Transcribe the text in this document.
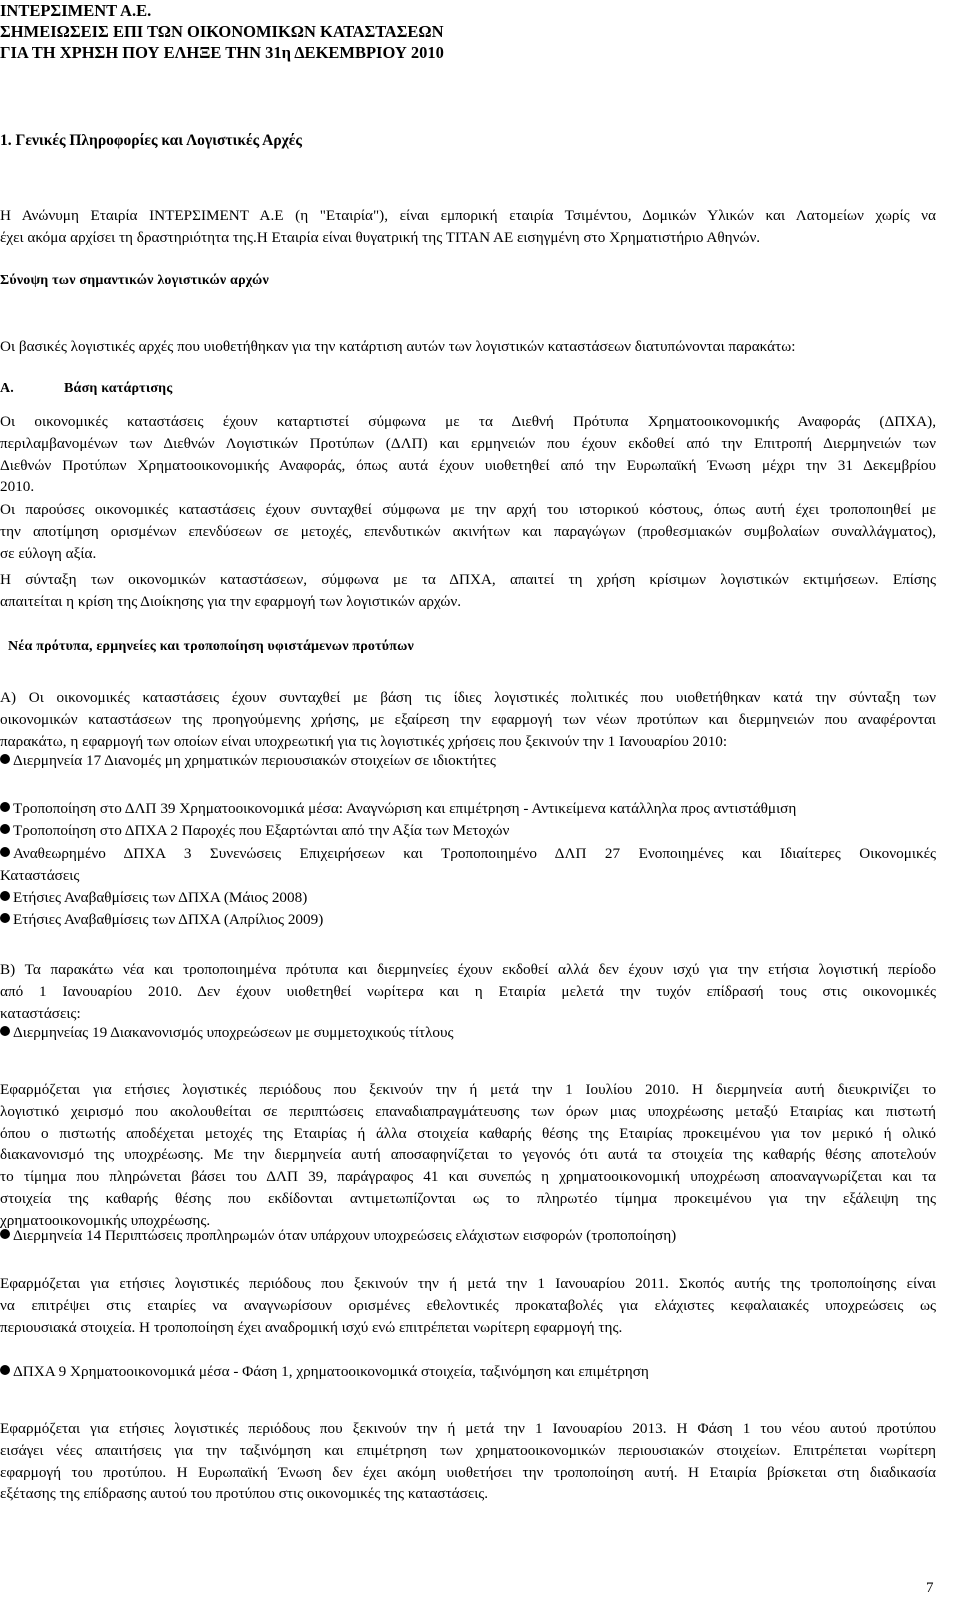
ΙΝΤΕΡΣΙΜΕΝΤ Α.Ε.
ΣΗΜΕΙΩΣΕΙΣ ΕΠΙ ΤΩΝ ΟΙΚΟΝΟΜΙΚΩΝ ΚΑΤΑΣΤΑΣΕΩΝ
ΓΙΑ ΤΗ ΧΡΗΣΗ ΠΟΥ ΕΛΗΞΕ ΤΗΝ 31η ΔΕΚΕΜΒΡΙΟΥ 2010
1. Γενικές Πληροφορίες και Λογιστικές Αρχές
Η Ανώνυμη Εταιρία ΙΝΤΕΡΣΙΜΕΝΤ Α.Ε (η "Εταιρία"), είναι εμπορική εταιρία Τσιμέντου, Δομικών Υλικών και Λατομείων χωρίς να
έχει ακόμα αρχίσει τη δραστηριότητα της.Η Εταιρία είναι θυγατρική της ΤΙΤΑΝ ΑΕ εισηγμένη στο Χρηματιστήριο Αθηνών.
Σύνοψη των σημαντικών λογιστικών αρχών
Οι βασικές λογιστικές αρχές που υιοθετήθηκαν για την κατάρτιση αυτών των λογιστικών καταστάσεων διατυπώνονται παρακάτω:
Α.	Βάση κατάρτισης
Οι οικονομικές καταστάσεις έχουν καταρτιστεί σύμφωνα με τα Διεθνή Πρότυπα Χρηματοοικονομικής Αναφοράς (ΔΠΧΑ),
περιλαμβανομένων των Διεθνών Λογιστικών Προτύπων (ΔΛΠ) και ερμηνειών που έχουν εκδοθεί από την Επιτροπή Διερμηνειών των
Διεθνών Προτύπων Χρηματοοικονομικής Αναφοράς, όπως αυτά έχουν υιοθετηθεί από την Ευρωπαϊκή Ένωση μέχρι την 31 Δεκεμβρίου
2010.
Οι παρούσες οικονομικές καταστάσεις έχουν συνταχθεί σύμφωνα με την αρχή του ιστορικού κόστους, όπως αυτή έχει τροποποιηθεί με
την αποτίμηση ορισμένων επενδύσεων σε μετοχές, επενδυτικών ακινήτων και παραγώγων (προθεσμιακών συμβολαίων συναλλάγματος),
σε εύλογη αξία.
Η σύνταξη των οικονομικών καταστάσεων, σύμφωνα με τα ΔΠΧΑ, απαιτεί τη χρήση κρίσιμων λογιστικών εκτιμήσεων. Επίσης
απαιτείται η κρίση της Διοίκησης για την εφαρμογή των λογιστικών αρχών.
Νέα πρότυπα, ερμηνείες και τροποποίηση υφιστάμενων προτύπων
Α) Οι οικονομικές καταστάσεις έχουν συνταχθεί με βάση τις ίδιες λογιστικές πολιτικές που υιοθετήθηκαν κατά την σύνταξη των
οικονομικών καταστάσεων της προηγούμενης χρήσης, με εξαίρεση την εφαρμογή των νέων προτύπων και διερμηνειών που αναφέρονται
παρακάτω, η εφαρμογή των οποίων είναι υποχρεωτική για τις λογιστικές χρήσεις που ξεκινούν την 1 Ιανουαρίου 2010:
Διερμηνεία 17 Διανομές μη χρηματικών περιουσιακών στοιχείων σε ιδιοκτήτες
Τροποποίηση στο ΔΛΠ 39 Χρηματοοικονομικά μέσα: Αναγνώριση και επιμέτρηση - Αντικείμενα κατάλληλα προς αντιστάθμιση
Τροποποίηση στο ΔΠΧΑ 2 Παροχές που Εξαρτώνται από την Αξία των Μετοχών
Αναθεωρημένο ΔΠΧΑ 3 Συνενώσεις Επιχειρήσεων και Τροποποιημένο ΔΛΠ 27 Ενοποιημένες και Ιδιαίτερες Οικονομικές
Καταστάσεις
Ετήσιες Αναβαθμίσεις των ΔΠΧΑ (Μάιος 2008)
Ετήσιες Αναβαθμίσεις των ΔΠΧΑ (Απρίλιος 2009)
Β) Τα παρακάτω νέα και τροποποιημένα πρότυπα και διερμηνείες έχουν εκδοθεί αλλά δεν έχουν ισχύ για την ετήσια λογιστική περίοδο
από 1 Ιανουαρίου 2010. Δεν έχουν υιοθετηθεί νωρίτερα και η Εταιρία μελετά την τυχόν επίδρασή τους στις οικονομικές
καταστάσεις:
Διερμηνείας 19 Διακανονισμός υποχρεώσεων με συμμετοχικούς τίτλους
Εφαρμόζεται για ετήσιες λογιστικές περιόδους που ξεκινούν την ή μετά την 1 Ιουλίου 2010. Η διερμηνεία αυτή διευκρινίζει το
λογιστικό χειρισμό που ακολουθείται σε περιπτώσεις επαναδιαπραγμάτευσης των όρων μιας υποχρέωσης μεταξύ Εταιρίας και πιστωτή
όπου ο πιστωτής αποδέχεται μετοχές της Εταιρίας ή άλλα στοιχεία καθαρής θέσης της Εταιρίας προκειμένου για τον μερικό ή ολικό
διακανονισμό της υποχρέωσης. Με την διερμηνεία αυτή αποσαφηνίζεται το γεγονός ότι αυτά τα στοιχεία της καθαρής θέσης αποτελούν
το τίμημα που πληρώνεται βάσει του ΔΛΠ 39, παράγραφος 41 και συνεπώς η χρηματοοικονομική υποχρέωση αποαναγνωρίζεται και τα
στοιχεία της καθαρής θέσης που εκδίδονται αντιμετωπίζονται ως το πληρωτέο τίμημα προκειμένου για την εξάλειψη της
χρηματοοικονομικής υποχρέωσης.
Διερμηνεία 14 Περιπτώσεις προπληρωμών όταν υπάρχουν υποχρεώσεις ελάχιστων εισφορών (τροποποίηση)
Εφαρμόζεται για ετήσιες λογιστικές περιόδους που ξεκινούν την ή μετά την 1 Ιανουαρίου 2011. Σκοπός αυτής της τροποποίησης είναι
να επιτρέψει στις εταιρίες να αναγνωρίσουν ορισμένες εθελοντικές προκαταβολές για ελάχιστες κεφαλαιακές υποχρεώσεις ως
περιουσιακά στοιχεία. Η τροποποίηση έχει αναδρομική ισχύ ενώ επιτρέπεται νωρίτερη εφαρμογή της.
ΔΠΧΑ 9 Χρηματοοικονομικά μέσα - Φάση 1, χρηματοοικονομικά στοιχεία, ταξινόμηση και επιμέτρηση
Εφαρμόζεται για ετήσιες λογιστικές περιόδους που ξεκινούν την ή μετά την 1 Ιανουαρίου 2013. Η Φάση 1 του νέου αυτού προτύπου
εισάγει νέες απαιτήσεις για την ταξινόμηση και επιμέτρηση των χρηματοοικονομικών περιουσιακών στοιχείων. Επιτρέπεται νωρίτερη
εφαρμογή του προτύπου. Η Ευρωπαϊκή Ένωση δεν έχει ακόμη υιοθετήσει την τροποποίηση αυτή. Η Εταιρία βρίσκεται στη διαδικασία
εξέτασης της επίδρασης αυτού του προτύπου στις οικονομικές της καταστάσεις.
7
